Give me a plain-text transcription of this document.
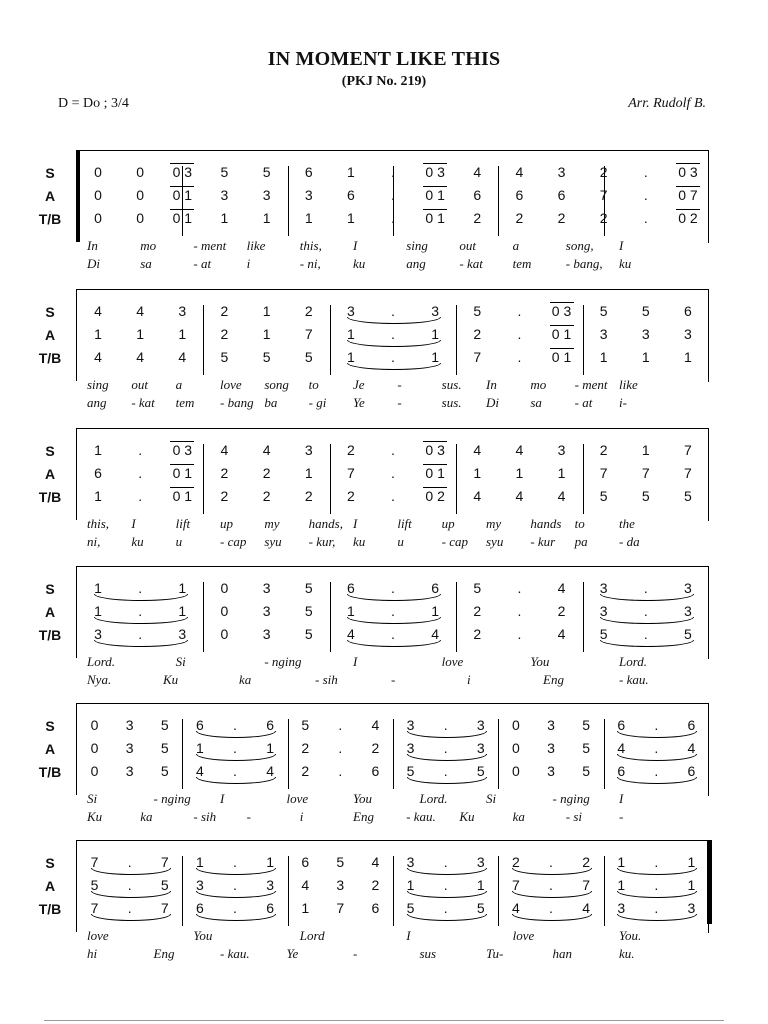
IN MOMENT LIKE THIS
(PKJ No. 219)
D = Do ; 3/4	Arr. Rudolf B.
S	0 0 0 3 5 5 6 1	.	0 3 4 4 3 2	.	0 3
A	0 0 0 1 3 3 3 6	.	0 1 6 6 6 7	.	0 7
T/B	0 0 0 1 1 1 1 1	.	0 1 2 2 2 2	.	0 2
In	mo	- ment like	this, I	sing out	a	song, I
Di	sa	- at	i	- ni, ku	ang	- kat tem	- bang, ku
S	4 4 3 2 1 2 3	.	3 5	.	0 3 5 5 6
A	1 1 1 2 1 7 1	.	1 2	.	0 1 3 3 3
T/B	4 4 4 5 5 5 1	.	1 7	.	0 1 1 1 1
sing out a	love song to	Je	-	sus. In	mo - ment like
ang - kat tem - bang ba - gi Ye	-	sus. Di sa	- at i-
S	1	.	0 3 4 4 3 2	.	0 3 4 4 3 2 1 7
A	6	.	0 1 2 2 1 7	.	0 1 1 1 1 7 7 7
T/B	1	.	0 1 2 2 2 2	.	0 2 4 4 4 5 5 5
this, I	lift up my hands, I	lift up my hands to	the
ni, ku u	- cap syu - kur, ku u	- cap syu - kur pa - da
S	1	.	1 0 3 5 6	.	6 5	.	4 3	.	3
A	1	.	1 0 3 5 1	.	1 2	.	2 3	.	3
T/B	3	.	3 0 3 5 4	.	4 2	.	4 5	.	5
Lord.	Si	- nging	I	love	You	Lord.
Nya.	Ku	ka	- sih	-	i	Eng	- kau.
S	0 3 5 6	.	6 5	.	4 3	.	3 0 3 5 6	.	6
A	0 3 5 1	.	1 2	.	2 3	.	3 0 3 5 4	.	4
T/B	0 3 5 4	.	4 2	.	6 5	.	5 0 3 5 6	.	6
Si	- nging I	love	You	Lord.	Si	- nging I
Ku	ka	- sih -	i	Eng - kau. Ku	ka	- si	-
S	7	.	7 1	.	1 6 5 4 3	.	3 2	.	2 1	.	1
A	5	.	5 3	.	3 4 3 2 1	.	1 7	.	7 1	.	1
T/B	7	.	7 6	.	6 1 7 6 5	.	5 4	.	4 3	.	3
love	You	Lord	I	love	You.
hi	Eng	- kau.	Ye	-	sus	Tu-	han	ku.
